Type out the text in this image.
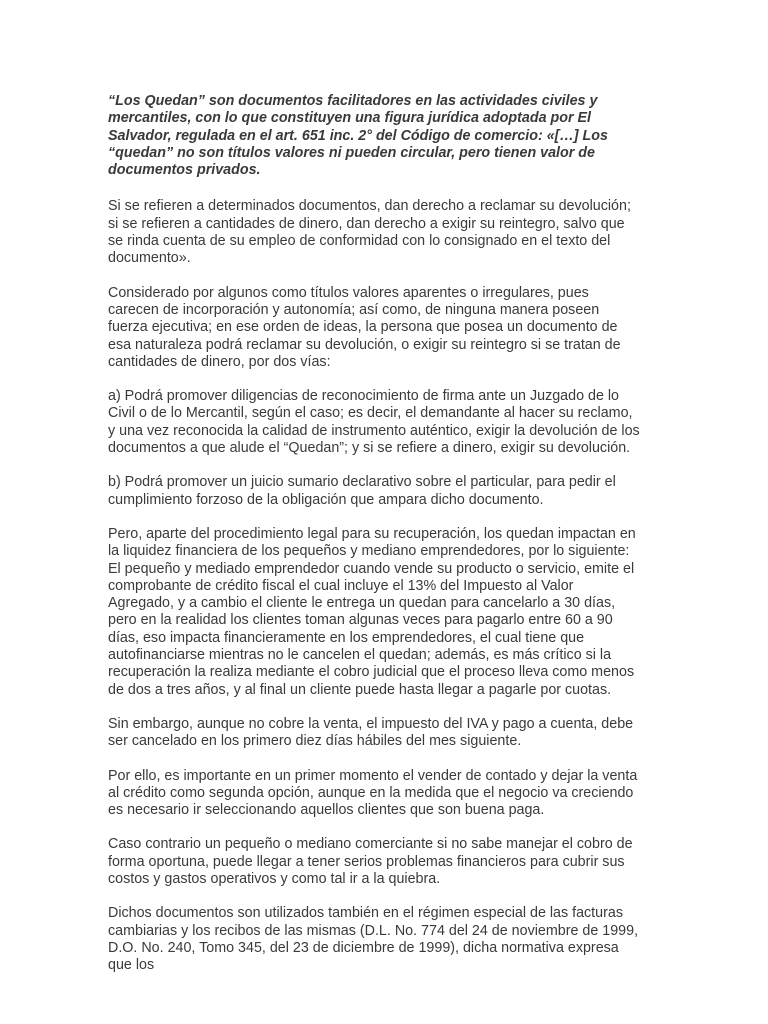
“Los Quedan” son documentos facilitadores en las actividades civiles y mercantiles, con lo que constituyen una figura jurídica adoptada por El Salvador, regulada en el art. 651 inc. 2° del Código de comercio: «[…] Los “quedan” no son títulos valores ni pueden circular, pero tienen valor de documentos privados.

Si se refieren a determinados documentos, dan derecho a reclamar su devolución; si se refieren a cantidades de dinero, dan derecho a exigir su reintegro, salvo que se rinda cuenta de su empleo de conformidad con lo consignado en el texto del documento».

Considerado por algunos como títulos valores aparentes o irregulares, pues carecen de incorporación y autonomía; así como, de ninguna manera poseen fuerza ejecutiva; en ese orden de ideas, la persona que posea un documento de esa naturaleza podrá reclamar su devolución, o exigir su reintegro si se tratan de cantidades de dinero, por dos vías:

a) Podrá promover diligencias de reconocimiento de firma ante un Juzgado de lo Civil o de lo Mercantil, según el caso; es decir, el demandante al hacer su reclamo, y una vez reconocida la calidad de instrumento auténtico, exigir la devolución de los documentos a que alude el “Quedan”; y si se refiere a dinero, exigir su devolución.

b) Podrá promover un juicio sumario declarativo sobre el particular, para pedir el cumplimiento forzoso de la obligación que ampara dicho documento.

Pero, aparte del procedimiento legal para su recuperación, los quedan impactan en la liquidez financiera de los pequeños y mediano emprendedores, por lo siguiente: El pequeño y mediado emprendedor cuando vende su producto o servicio, emite el comprobante de crédito fiscal el cual incluye el 13% del Impuesto al Valor Agregado, y a cambio el cliente le entrega un quedan para cancelarlo a 30 días, pero en la realidad los clientes toman algunas veces para pagarlo entre 60 a 90 días, eso impacta financieramente en los emprendedores, el cual tiene que autofinanciarse mientras no le cancelen el quedan; además, es más crítico si la recuperación la realiza mediante el cobro judicial que el proceso lleva como menos de dos a tres años, y al final un cliente puede hasta llegar a pagarle por cuotas.

Sin embargo, aunque no cobre la venta, el impuesto del IVA y pago a cuenta, debe ser cancelado en los primero diez días hábiles del mes siguiente.

Por ello, es importante en un primer momento el vender de contado y dejar la venta al crédito como segunda opción, aunque en la medida que el negocio va creciendo es necesario ir seleccionando aquellos clientes que son buena paga.

Caso contrario un pequeño o mediano comerciante si no sabe manejar el cobro de forma oportuna, puede llegar a tener serios problemas financieros para cubrir sus costos y gastos operativos y como tal ir a la quiebra.

Dichos documentos son utilizados también en el régimen especial de las facturas cambiarias y los recibos de las mismas (D.L. No. 774 del 24 de noviembre de 1999, D.O. No. 240, Tomo 345, del 23 de diciembre de 1999), dicha normativa expresa que los
